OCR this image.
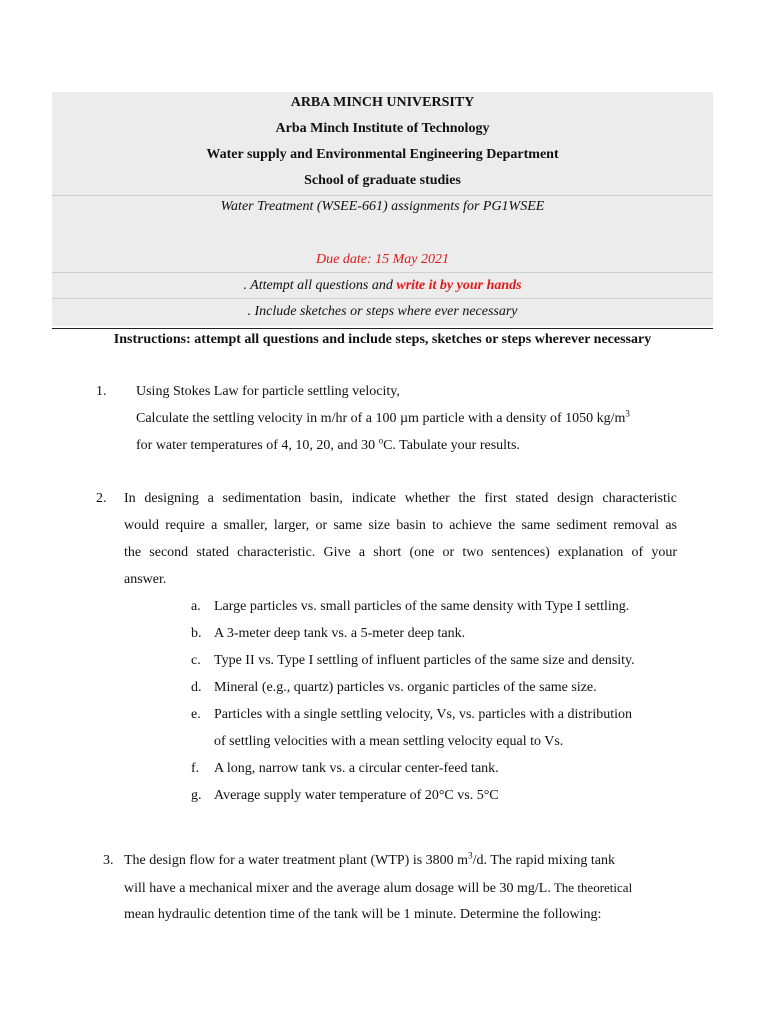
ARBA MINCH UNIVERSITY
Arba Minch Institute of Technology
Water supply and Environmental Engineering Department
School of graduate studies
Water Treatment (WSEE-661) assignments for PG1WSEE
Due date: 15 May 2021
. Attempt all questions and write it by your hands
. Include sketches or steps where ever necessary
Instructions: attempt all questions and include steps, sketches or steps wherever necessary
1. Using Stokes Law for particle settling velocity,
Calculate the settling velocity in m/hr of a 100 µm particle with a density of 1050 $kg/m^3$
for water temperatures of 4, 10, 20, and 30 $^o$C. Tabulate your results.
2. In designing a sedimentation basin, indicate whether the first stated design characteristic
would require a smaller, larger, or same size basin to achieve the same sediment removal as
the second stated characteristic. Give a short (one or two sentences) explanation of your
answer.
a. Large particles vs. small particles of the same density with Type I settling.
b. A 3-meter deep tank vs. a 5-meter deep tank.
c. Type II vs. Type I settling of influent particles of the same size and density.
d. Mineral (e.g., quartz) particles vs. organic particles of the same size.
e. Particles with a single settling velocity, Vs, vs. particles with a distribution
of settling velocities with a mean settling velocity equal to Vs.
f. A long, narrow tank vs. a circular center-feed tank.
g. Average supply water temperature of 20°C vs. 5°C
3. The design flow for a water treatment plant (WTP) is 3800 $m^3/d$. The rapid mixing tank
will have a mechanical mixer and the average alum dosage will be 30 mg/L. The theoretical
mean hydraulic detention time of the tank will be 1 minute. Determine the following:
